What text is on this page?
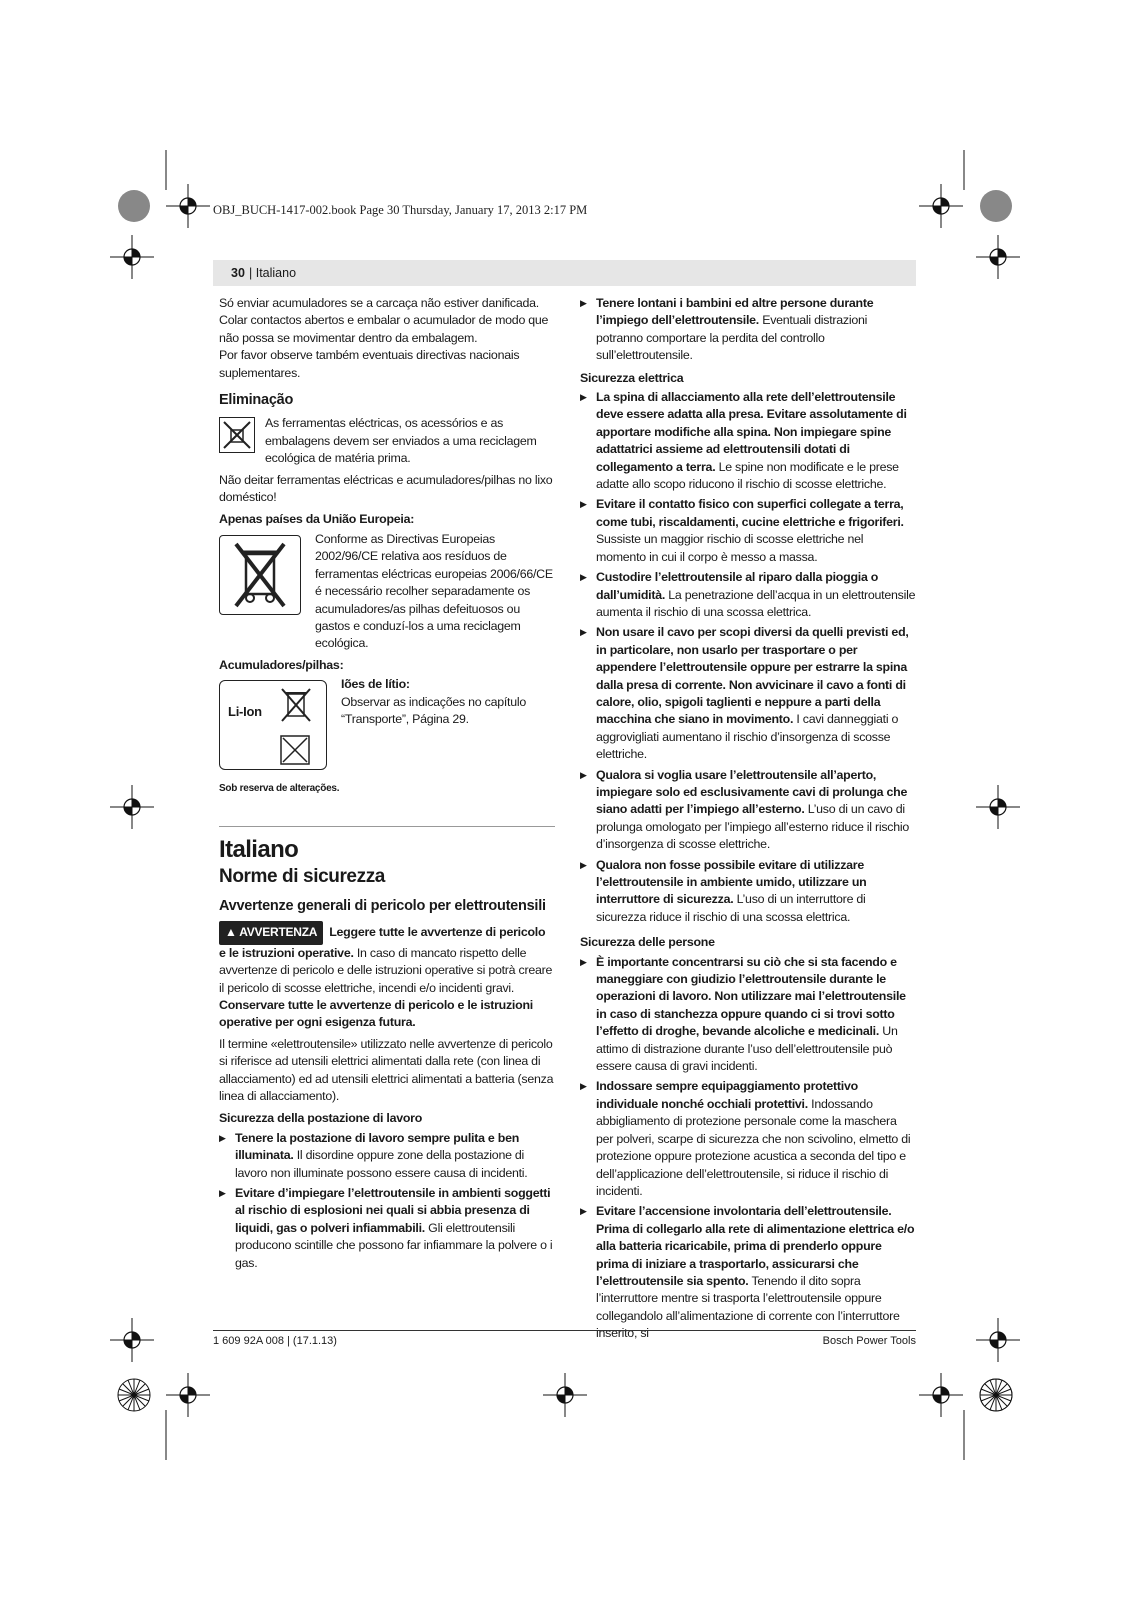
OBJ_BUCH-1417-002.book Page 30 Thursday, January 17, 2013 2:17 PM
30 | Italiano

Só enviar acumuladores se a carcaça não estiver danificada.

Colar contactos abertos e embalar o acumulador de modo que não possa se movimentar dentro da embalagem.

Por favor observe também eventuais directivas nacionais suplementares.

Eliminação

As ferramentas eléctricas, os acessórios e as embalagens devem ser enviados a uma reciclagem ecológica de matéria prima.

Não deitar ferramentas eléctricas e acumuladores/pilhas no lixo doméstico!

Apenas países da União Europeia:

Conforme as Directivas Europeias 2002/96/CE relativa aos resíduos de ferramentas eléctricas europeias 2006/66/CE é necessário recolher separadamente os acumuladores/as pilhas defeituosos ou gastos e conduzí-los a uma reciclagem ecológica.

Acumuladores/pilhas:
Li-Ion
Iões de lítio:

Observar as indicações no capítulo “Transporte”, Página 29.

Sob reserva de alterações.
Italiano
Norme di sicurezza
Avvertenze generali di pericolo per elettroutensili

▲ AVVERTENZA Leggere tutte le avvertenze di pericolo e le istruzioni operative. In caso di mancato rispetto delle avvertenze di pericolo e delle istruzioni operative si potrà creare il pericolo di scosse elettriche, incendi e/o incidenti gravi.

Conservare tutte le avvertenze di pericolo e le istruzioni operative per ogni esigenza futura.

Il termine «elettroutensile» utilizzato nelle avvertenze di pericolo si riferisce ad utensili elettrici alimentati dalla rete (con linea di allacciamento) ed ad utensili elettrici alimentati a batteria (senza linea di allacciamento).

Sicurezza della postazione di lavoro
▶ Tenere la postazione di lavoro sempre pulita e ben illuminata. Il disordine oppure zone della postazione di lavoro non illuminate possono essere causa di incidenti.
▶ Evitare d’impiegare l’elettroutensile in ambienti soggetti al rischio di esplosioni nei quali si abbia presenza di liquidi, gas o polveri infiammabili. Gli elettroutensili producono scintille che possono far infiammare la polvere o i gas.
▶ Tenere lontani i bambini ed altre persone durante l’impiego dell’elettroutensile. Eventuali distrazioni potranno comportare la perdita del controllo sull’elettroutensile.
Sicurezza elettrica
▶ La spina di allacciamento alla rete dell’elettroutensile deve essere adatta alla presa. Evitare assolutamente di apportare modifiche alla spina. Non impiegare spine adattatrici assieme ad elettroutensili dotati di collegamento a terra. Le spine non modificate e le prese adatte allo scopo riducono il rischio di scosse elettriche.
▶ Evitare il contatto fisico con superfici collegate a terra, come tubi, riscaldamenti, cucine elettriche e frigoriferi. Sussiste un maggior rischio di scosse elettriche nel momento in cui il corpo è messo a massa.
▶ Custodire l’elettroutensile al riparo dalla pioggia o dall’umidità. La penetrazione dell’acqua in un elettroutensile aumenta il rischio di una scossa elettrica.
▶ Non usare il cavo per scopi diversi da quelli previsti ed, in particolare, non usarlo per trasportare o per appendere l’elettroutensile oppure per estrarre la spina dalla presa di corrente. Non avvicinare il cavo a fonti di calore, olio, spigoli taglienti e neppure a parti della macchina che siano in movimento. I cavi danneggiati o aggrovigliati aumentano il rischio d’insorgenza di scosse elettriche.
▶ Qualora si voglia usare l’elettroutensile all’aperto, impiegare solo ed esclusivamente cavi di prolunga che siano adatti per l’impiego all’esterno. L’uso di un cavo di prolunga omologato per l’impiego all’esterno riduce il rischio d’insorgenza di scosse elettriche.
▶ Qualora non fosse possibile evitare di utilizzare l’elettroutensile in ambiente umido, utilizzare un interruttore di sicurezza. L’uso di un interruttore di sicurezza riduce il rischio di una scossa elettrica.
Sicurezza delle persone
▶ È importante concentrarsi su ciò che si sta facendo e maneggiare con giudizio l’elettroutensile durante le operazioni di lavoro. Non utilizzare mai l’elettroutensile in caso di stanchezza oppure quando ci si trovi sotto l’effetto di droghe, bevande alcoliche e medicinali. Un attimo di distrazione durante l’uso dell’elettroutensile può essere causa di gravi incidenti.
▶ Indossare sempre equipaggiamento protettivo individuale nonché occhiali protettivi. Indossando abbigliamento di protezione personale come la maschera per polveri, scarpe di sicurezza che non scivolino, elmetto di protezione oppure protezione acustica a seconda del tipo e dell’applicazione dell’elettroutensile, si riduce il rischio di incidenti.
▶ Evitare l’accensione involontaria dell’elettroutensile. Prima di collegarlo alla rete di alimentazione elettrica e/o alla batteria ricaricabile, prima di prenderlo oppure prima di iniziare a trasportarlo, assicurarsi che l’elettroutensile sia spento. Tenendo il dito sopra l’interruttore mentre si trasporta l’elettroutensile oppure collegandolo all’alimentazione di corrente con l’interruttore inserito, si
1 609 92A 008 | (17.1.13)	Bosch Power Tools
